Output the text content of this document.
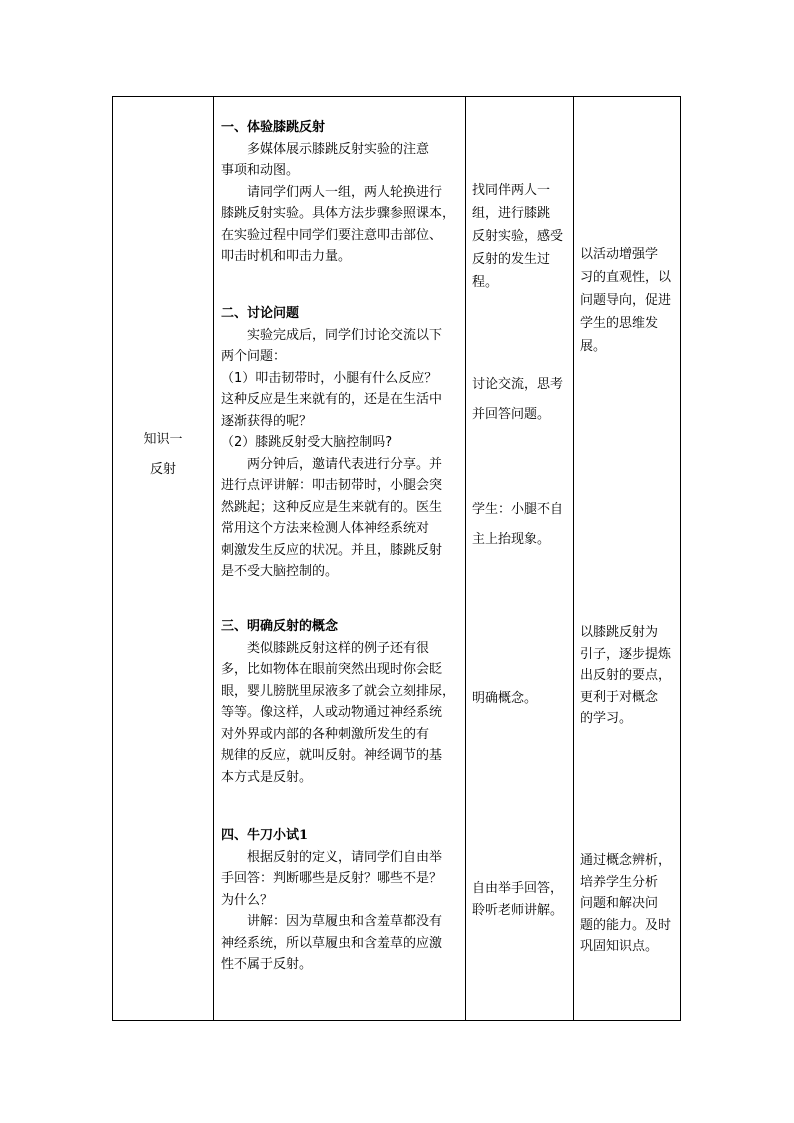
知识一
反射
一、体验膝跳反射
多媒体展示膝跳反射实验的注意
事项和动图。
请同学们两人一组，两人轮换进行
膝跳反射实验。具体方法步骤参照课本，
在实验过程中同学们要注意叩击部位、
叩击时机和叩击力量。
二、讨论问题
实验完成后，同学们讨论交流以下
两个问题：
（1）叩击韧带时，小腿有什么反应？
这种反应是生来就有的，还是在生活中
逐渐获得的呢？
（2）膝跳反射受大脑控制吗?
两分钟后，邀请代表进行分享。并
进行点评讲解：叩击韧带时，小腿会突
然跳起；这种反应是生来就有的。医生
常用这个方法来检测人体神经系统对
刺激发生反应的状况。并且，膝跳反射
是不受大脑控制的。
三、明确反射的概念
类似膝跳反射这样的例子还有很
多，比如物体在眼前突然出现时你会眨
眼，婴儿膀胱里尿液多了就会立刻排尿，
等等。像这样，人或动物通过神经系统
对外界或内部的各种刺激所发生的有
规律的反应，就叫反射。神经调节的基
本方式是反射。
四、牛刀小试1
根据反射的定义，请同学们自由举
手回答：判断哪些是反射？哪些不是？
为什么？
讲解：因为草履虫和含羞草都没有
神经系统，所以草履虫和含羞草的应激
性不属于反射。
找同伴两人一
组，进行膝跳
反射实验，感受
反射的发生过
程。
讨论交流，思考
并回答问题。
学生：小腿不自
主上抬现象。
明确概念。
自由举手回答，
聆听老师讲解。
以活动增强学
习的直观性，以
问题导向，促进
学生的思维发
展。
以膝跳反射为
引子，逐步提炼
出反射的要点，
更利于对概念
的学习。
通过概念辨析，
培养学生分析
问题和解决问
题的能力。及时
巩固知识点。
